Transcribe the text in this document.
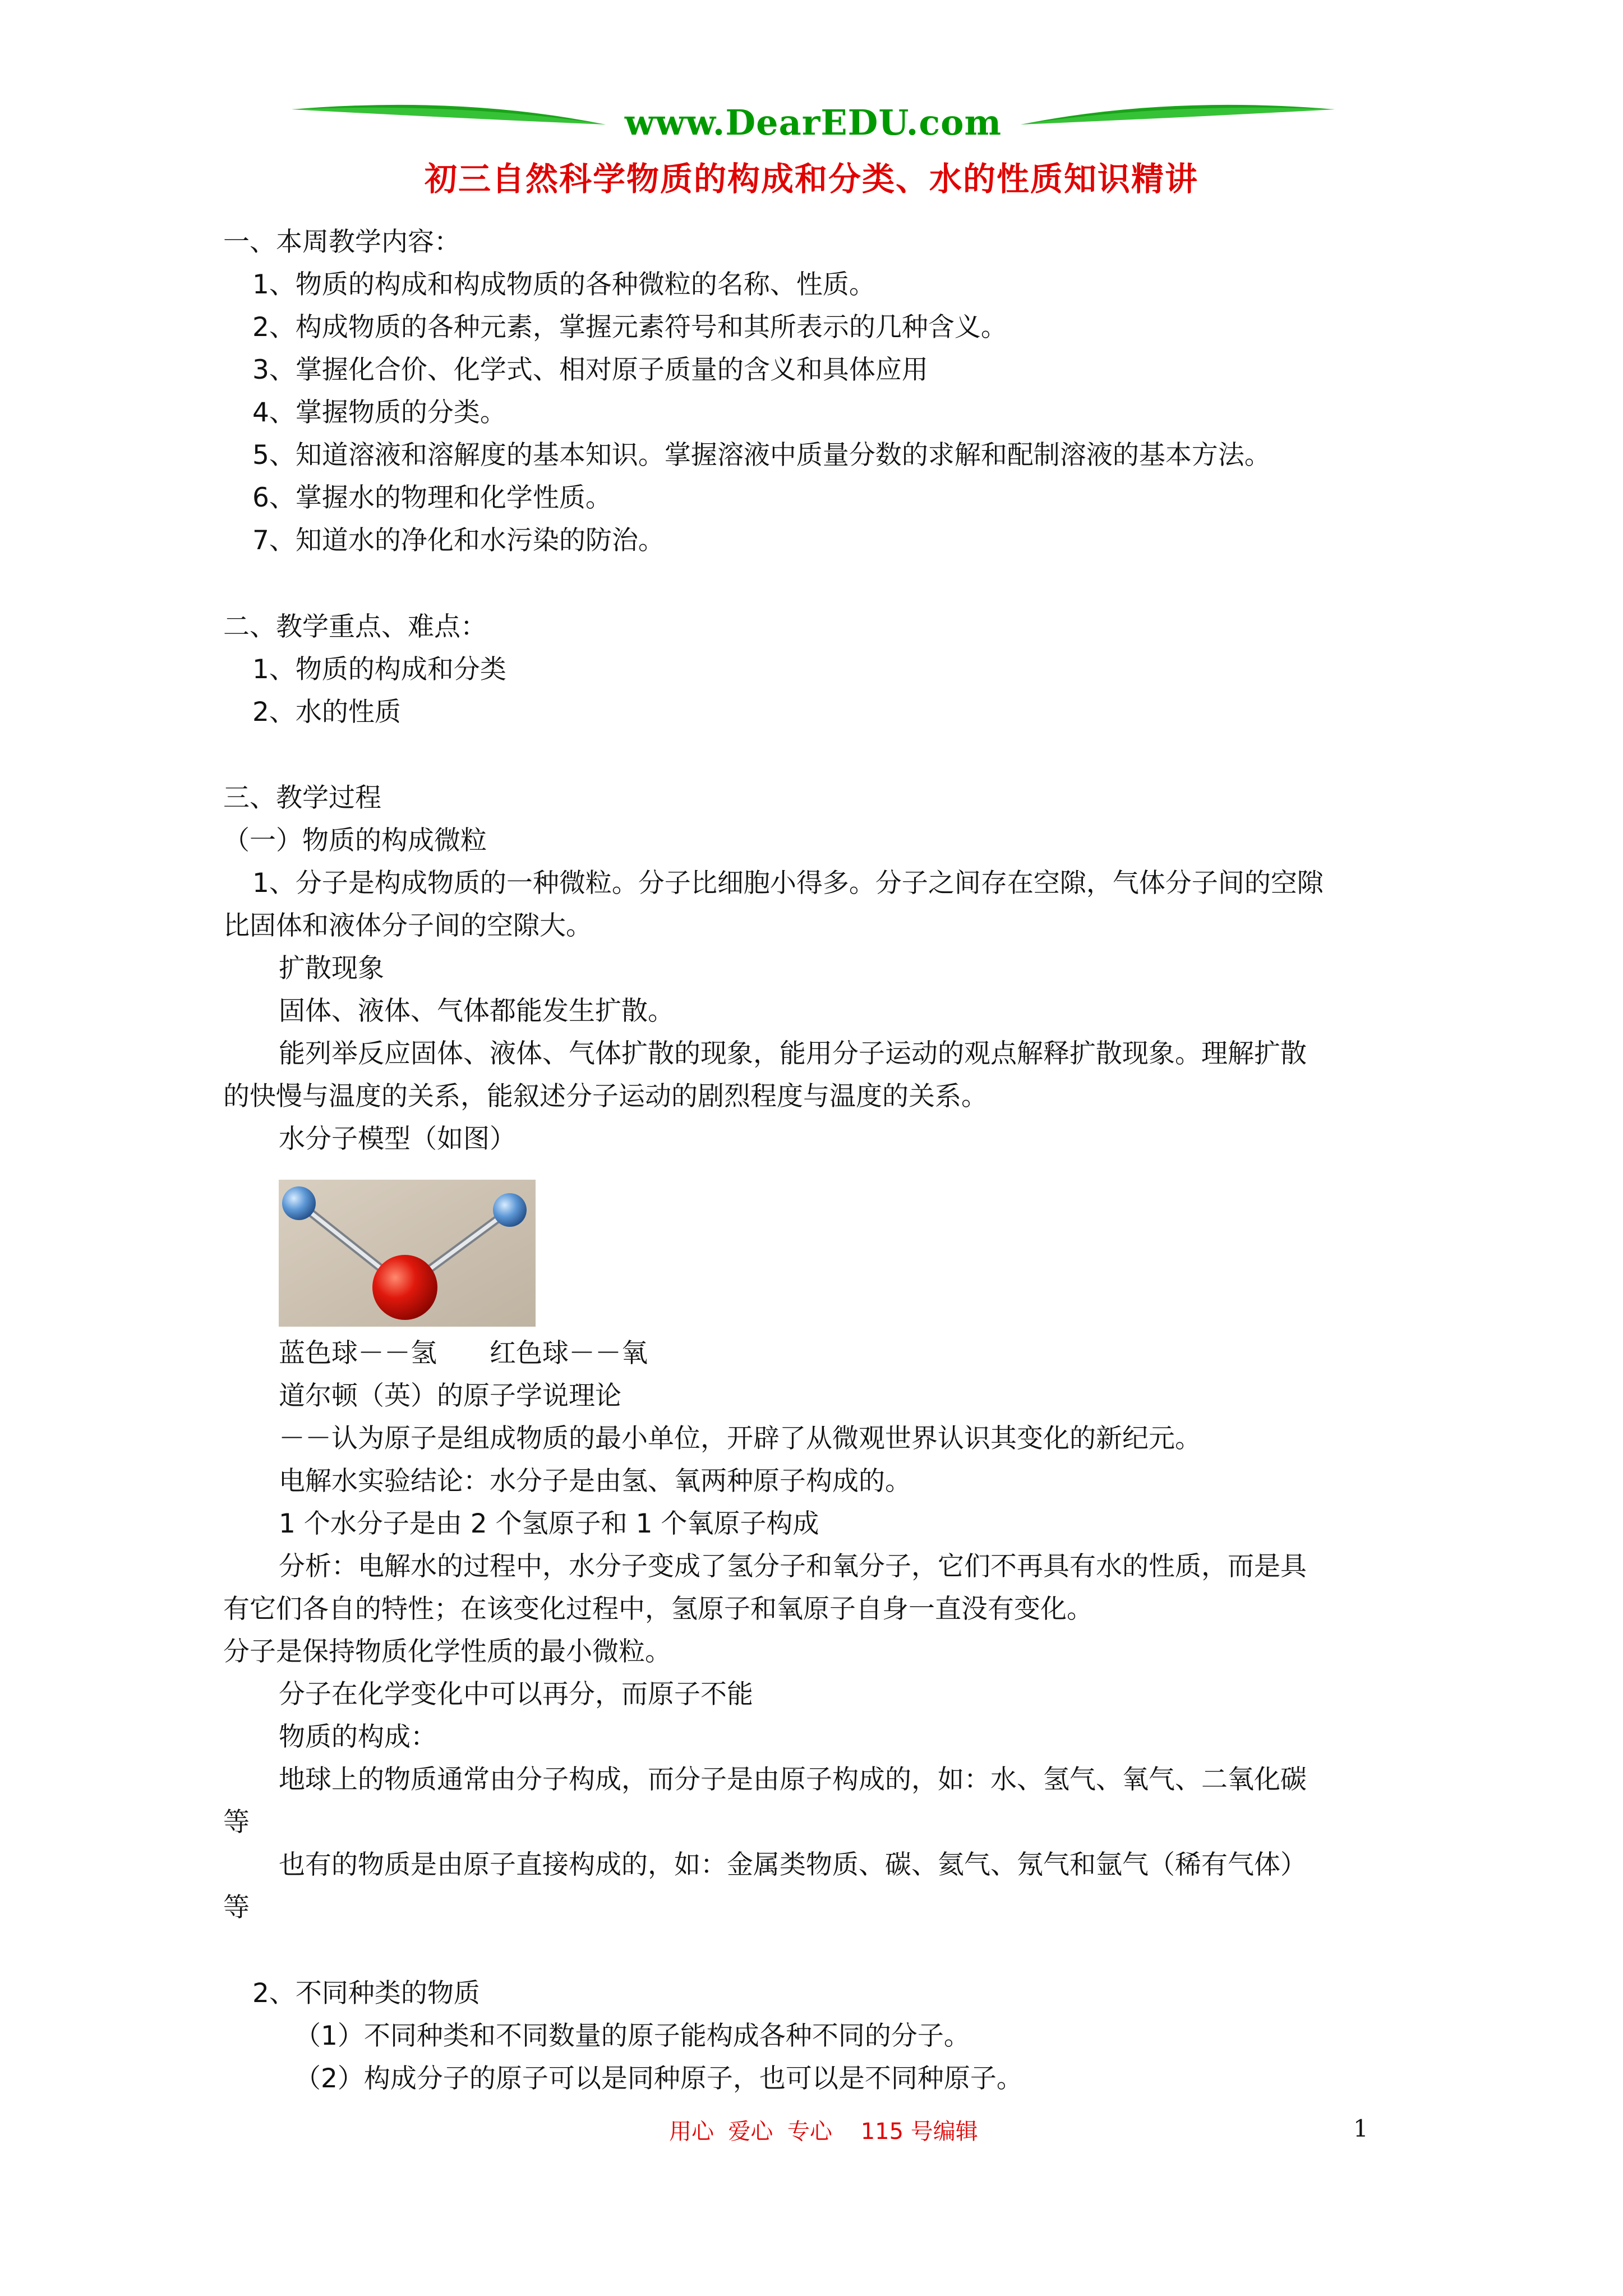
www.DearEDU.com
初三自然科学物质的构成和分类、水的性质知识精讲
一、本周教学内容：
1、物质的构成和构成物质的各种微粒的名称、性质。
2、构成物质的各种元素，掌握元素符号和其所表示的几种含义。
3、掌握化合价、化学式、相对原子质量的含义和具体应用
4、掌握物质的分类。
5、知道溶液和溶解度的基本知识。掌握溶液中质量分数的求解和配制溶液的基本方法。
6、掌握水的物理和化学性质。
7、知道水的净化和水污染的防治。
二、教学重点、难点：
1、物质的构成和分类
2、水的性质
三、教学过程
（一）物质的构成微粒
1、分子是构成物质的一种微粒。分子比细胞小得多。分子之间存在空隙，气体分子间的空隙
比固体和液体分子间的空隙大。
扩散现象
固体、液体、气体都能发生扩散。
能列举反应固体、液体、气体扩散的现象，能用分子运动的观点解释扩散现象。理解扩散
的快慢与温度的关系，能叙述分子运动的剧烈程度与温度的关系。
水分子模型（如图）
蓝色球－－氢　　红色球－－氧
道尔顿（英）的原子学说理论
－－认为原子是组成物质的最小单位，开辟了从微观世界认识其变化的新纪元。
电解水实验结论：水分子是由氢、氧两种原子构成的。
1 个水分子是由 2 个氢原子和 1 个氧原子构成
分析：电解水的过程中，水分子变成了氢分子和氧分子，它们不再具有水的性质，而是具
有它们各自的特性；在该变化过程中，氢原子和氧原子自身一直没有变化。
分子是保持物质化学性质的最小微粒。
分子在化学变化中可以再分，而原子不能
物质的构成：
地球上的物质通常由分子构成，而分子是由原子构成的，如：水、氢气、氧气、二氧化碳
等
也有的物质是由原子直接构成的，如：金属类物质、碳、氦气、氖气和氩气（稀有气体）
等
2、不同种类的物质
（1）不同种类和不同数量的原子能构成各种不同的分子。
（2）构成分子的原子可以是同种原子，也可以是不同种原子。
用心  爱心  专心    115 号编辑	1
